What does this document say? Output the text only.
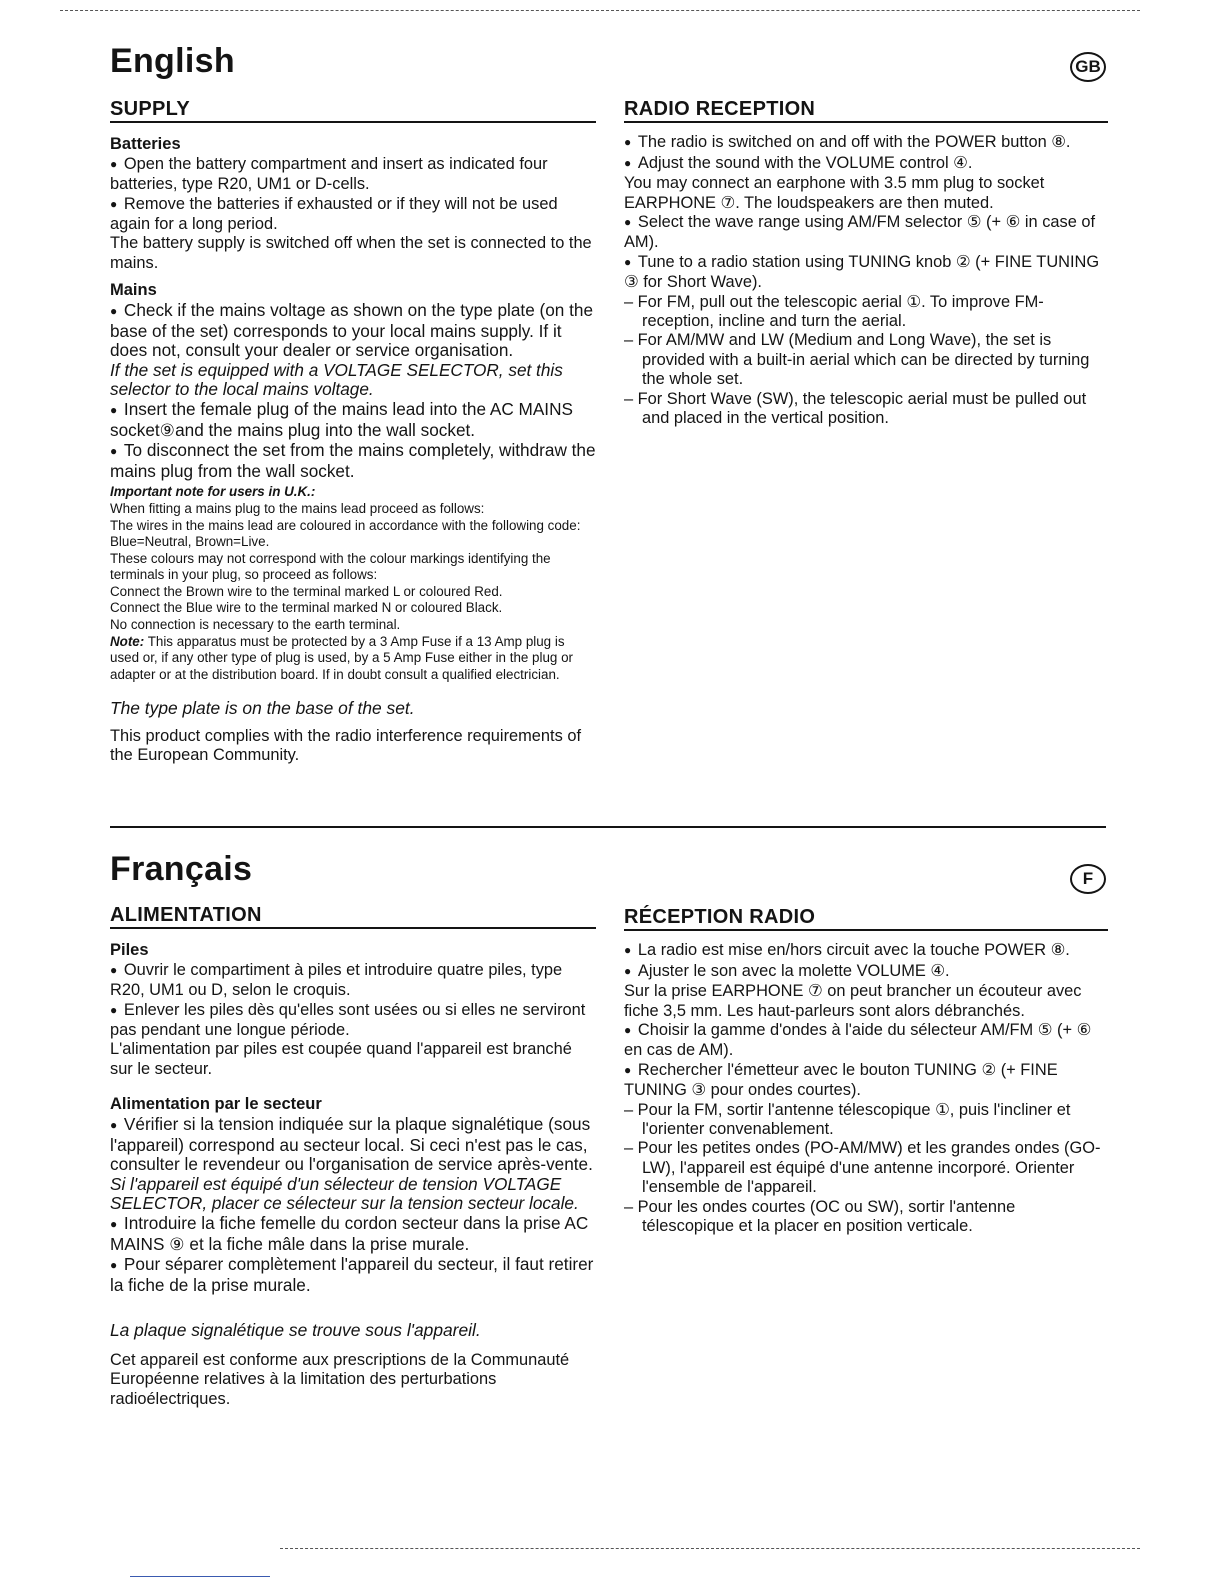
English	GB
SUPPLY

Batteries

●  Open the battery compartment and insert as indicated four batteries, type R20, UM1 or D-cells.

●  Remove the batteries if exhausted or if they will not be used again for a long period.

The battery supply is switched off when the set is connected to the mains.

Mains

●  Check if the mains voltage as shown on the type plate (on the base of the set) corresponds to your local mains supply. If it does not, consult your dealer or service organisation.

If the set is equipped with a VOLTAGE SELECTOR, set this selector to the local mains voltage.

●  Insert the female plug of the mains lead into the AC MAINS socket⑨and the mains plug into the wall socket.

●  To disconnect the set from the mains completely, withdraw the mains plug from the wall socket.

Important note for users in U.K.:

When fitting a mains plug to the mains lead proceed as follows:

The wires in the mains lead are coloured in accordance with the following code: Blue=Neutral, Brown=Live.

These colours may not correspond with the colour markings identifying the terminals in your plug, so proceed as follows:

Connect the Brown wire to the terminal marked L or coloured Red.

Connect the Blue wire to the terminal marked N or coloured Black.

No connection is necessary to the earth terminal.

Note: This apparatus must be protected by a 3 Amp Fuse if a 13 Amp plug is used or, if any other type of plug is used, by a 5 Amp Fuse either in the plug or adapter or at the distribution board. If in doubt consult a qualified electrician.

The type plate is on the base of the set.

This product complies with the radio interference requirements of the European Community.

RADIO RECEPTION

●  The radio is switched on and off with the POWER button ⑧.

●  Adjust the sound with the VOLUME control ④.

You may connect an earphone with 3.5 mm plug to socket EARPHONE ⑦. The loudspeakers are then muted.

●  Select the wave range using AM/FM selector ⑤ (+ ⑥ in case of AM).

●  Tune to a radio station using TUNING knob ② (+ FINE TUNING ③ for Short Wave).

– For FM, pull out the telescopic aerial ①. To improve FM-reception, incline and turn the aerial.

– For AM/MW and LW (Medium and Long Wave), the set is provided with a built-in aerial which can be directed by turning the whole set.

– For Short Wave (SW), the telescopic aerial must be pulled out and placed in the vertical position.

Français	F
ALIMENTATION

Piles

●  Ouvrir le compartiment à piles et introduire quatre piles, type R20, UM1 ou D, selon le croquis.

●  Enlever les piles dès qu'elles sont usées ou si elles ne serviront pas pendant une longue période.

L'alimentation par piles est coupée quand l'appareil est branché sur le secteur.

Alimentation par le secteur

●  Vérifier si la tension indiquée sur la plaque signalétique (sous l'appareil) correspond au secteur local. Si ceci n'est pas le cas, consulter le revendeur ou l'organisation de service après-vente.

Si l'appareil est équipé d'un sélecteur de tension VOLTAGE SELECTOR, placer ce sélecteur sur la tension secteur locale.

●  Introduire la fiche femelle du cordon secteur dans la prise AC MAINS ⑨ et la fiche mâle dans la prise murale.

●  Pour séparer complètement l'appareil du secteur, il faut retirer la fiche de la prise murale.

La plaque signalétique se trouve sous l'appareil.

Cet appareil est conforme aux prescriptions de la Communauté Européenne relatives à la limitation des perturbations radioélectriques.

RÉCEPTION RADIO

●  La radio est mise en/hors circuit avec la touche POWER ⑧.

●  Ajuster le son avec la molette VOLUME ④.

Sur la prise EARPHONE ⑦ on peut brancher un écouteur avec fiche 3,5 mm. Les haut-parleurs sont alors débranchés.

●  Choisir la gamme d'ondes à l'aide du sélecteur AM/FM ⑤ (+ ⑥ en cas de AM).

●  Rechercher l'émetteur avec le bouton TUNING ② (+ FINE TUNING ③ pour ondes courtes).

– Pour la FM, sortir l'antenne télescopique ①, puis l'incliner et l'orienter convenablement.

– Pour les petites ondes (PO-AM/MW) et les grandes ondes (GO-LW), l'appareil est équipé d'une antenne incorporé. Orienter l'ensemble de l'appareil.

– Pour les ondes courtes (OC ou SW), sortir l'antenne télescopique et la placer en position verticale.
